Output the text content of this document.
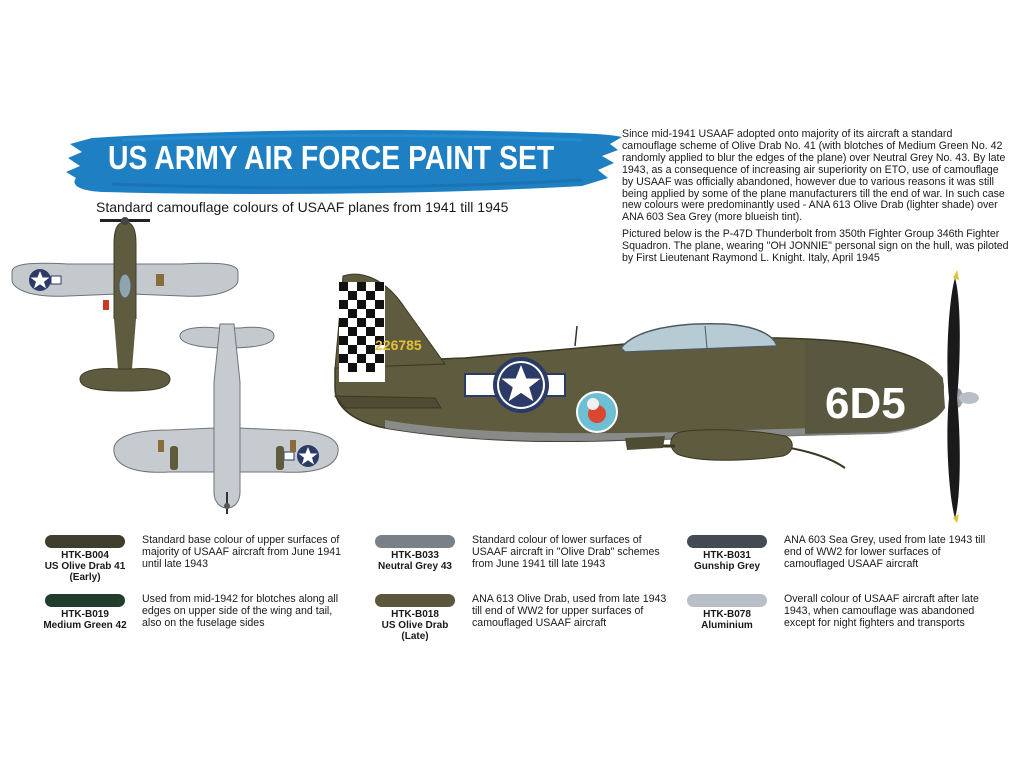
US ARMY AIR FORCE PAINT SET
Standard camouflage colours of USAAF planes from 1941 till 1945

Since mid-1941 USAAF adopted onto majority of its aircraft a standard camouflage scheme of Olive Drab No. 41 (with blotches of Medium Green No. 42 randomly applied to blur the edges of the plane) over Neutral Grey No. 43. By late 1943, as a consequence of increasing air superiority on ETO, use of camouflage by USAAF was officially abandoned, however due to various reasons it was still being applied by some of the plane manufacturers till the end of war. In such case new colours were predominantly used - ANA 613 Olive Drab (lighter shade) over ANA 603 Sea Grey (more blueish tint).

Pictured below is the P-47D Thunderbolt from 350th Fighter Group 346th Fighter Squadron. The plane, wearing "OH JONNIE" personal sign on the hull, was piloted by First Lieutenant Raymond L. Knight. Italy, April 1945

226785
6D5
HTK-B004
US Olive Drab 41 (Early)
Standard base colour of upper surfaces of majority of USAAF aircraft from June 1941 until late 1943
HTK-B019
Medium Green 42
Used from mid-1942 for blotches along all edges on upper side of the wing and tail, also on the fuselage sides
HTK-B033
Neutral Grey 43
Standard colour of lower surfaces of USAAF aircraft in "Olive Drab" schemes from June 1941 till late 1943
HTK-B018
US Olive Drab (Late)
ANA 613 Olive Drab, used from late 1943 till end of WW2 for upper surfaces of camouflaged USAAF aircraft
HTK-B031
Gunship Grey
ANA 603 Sea Grey, used from late 1943 till end of WW2 for lower surfaces of camouflaged USAAF aircraft
HTK-B078
Aluminium
Overall colour of USAAF aircraft after late 1943, when camouflage was abandoned except for night fighters and transports
